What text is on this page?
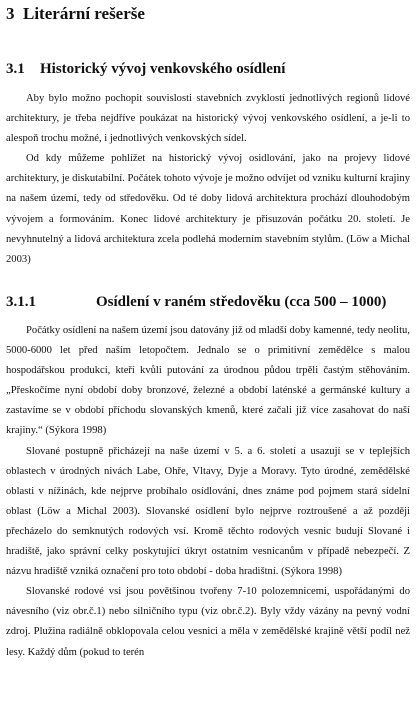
3 Literární rešerše
3.1 Historický vývoj venkovského osídlení

Aby bylo možno pochopit souvislosti stavebních zvyklostí jednotlivých regionů lidové architektury, je třeba nejdříve poukázat na historický vývoj venkovského osídlení, a je-li to alespoň trochu možné, i jednotlivých venkovských sídel.

Od kdy můžeme pohlížet na historický vývoj osidlování, jako na projevy lidové architektury, je diskutabilní. Počátek tohoto vývoje je možno odvíjet od vzniku kulturní krajiny na našem území, tedy od středověku. Od té doby lidová architektura prochází dlouhodobým vývojem a formováním. Konec lidové architektury je přisuzován počátku 20. století. Je nevyhnutelný a lidová architektura zcela podlehá moderním stavebním stylům. (Löw a Michal 2003)

3.1.1	Osídlení v raném středověku (cca 500 – 1000)

Počátky osídlení na našem území jsou datovány již od mladší doby kamenné, tedy neolitu, 5000-6000 let před naším letopočtem. Jednalo se o primitivní zemědělce s malou hospodářskou produkcí, kteří kvůli putování za úrodnou půdou trpěli častým stěhováním. „Přeskočíme nyní období doby bronzové, železné a období laténské a germánské kultury a zastavíme se v období příchodu slovanských kmenů, které začali již více zasahovat do naší krajiny.“ (Sýkora 1998)

Slované postupně přicházejí na naše území v 5. a 6. století a usazují se v teplejších oblastech v úrodných nivách Labe, Ohře, Vltavy, Dyje a Moravy. Tyto úrodné, zemědělské oblasti v nížinách, kde nejprve probíhalo osídlování, dnes známe pod pojmem stará sídelní oblast (Löw a Michal 2003). Slovanské osídlení bylo nejprve roztroušené a až později přecházelo do semknutých rodových vsí. Kromě těchto rodových vesnic budují Slované i hradiště, jako správní celky poskytující úkryt ostatním vesnicanům v případě nebezpečí. Z názvu hradiště vzniká označení pro toto období - doba hradištní. (Sýkora 1998)

Slovanské rodové vsi jsou povětšinou tvořeny 7-10 polozemnicemi, uspořádanými do návesního (viz obr.č.1) nebo silničního typu (viz obr.č.2). Byly vždy vázány na pevný vodní zdroj. Plužina radiálně obklopovala celou vesnici a měla v zemědělské krajině větší podíl než lesy. Každý dům (pokud to terén
